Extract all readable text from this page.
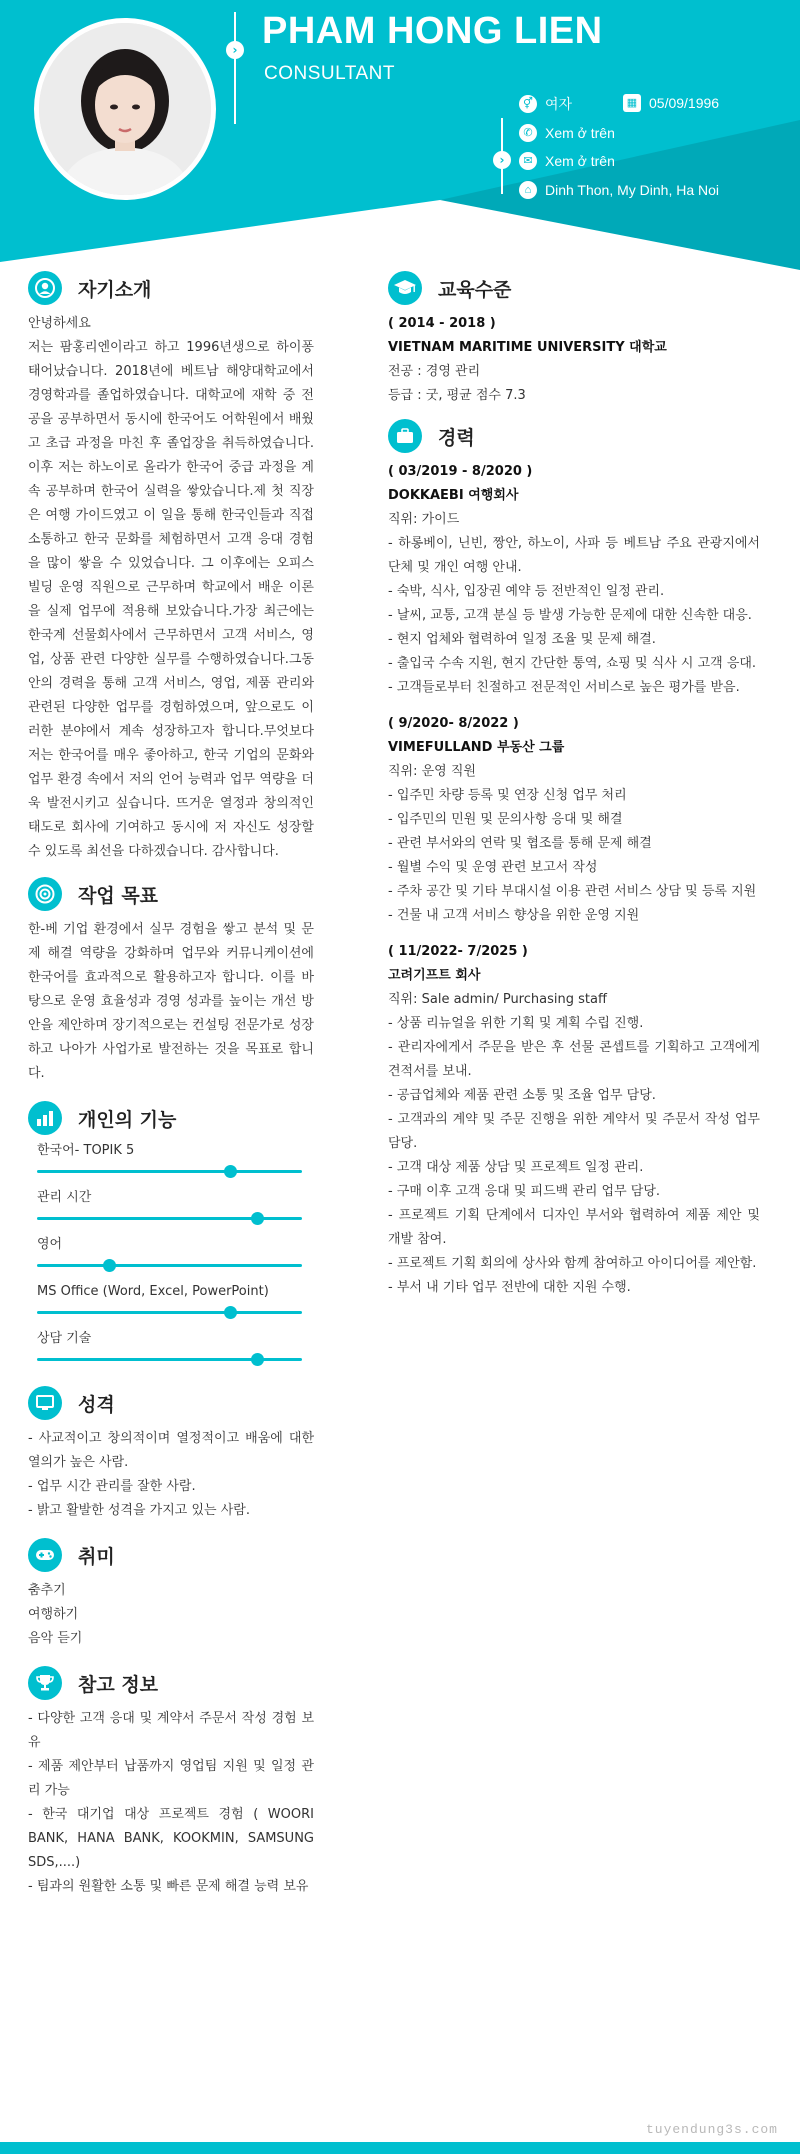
› PHAM HONG LIEN
CONSULTANT
›
⚥ 여자	▦ 05/09/1996
✆ Xem ở trên
✉ Xem ở trên
⌂ Dinh Thon, My Dinh, Ha Noi
자기소개
안녕하세요
저는 팜홍리엔이라고 하고 1996년생으로 하이퐁 태어났습니다. 2018년에 베트남 해양대학교에서 경영학과를 졸업하였습니다. 대학교에 재학 중 전공을 공부하면서 동시에 한국어도 어학원에서 배웠고 초급 과정을 마친 후 졸업장을 취득하였습니다. 이후 저는 하노이로 올라가 한국어 중급 과정을 계속 공부하며 한국어 실력을 쌓았습니다.제 첫 직장은 여행 가이드였고 이 일을 통해 한국인들과 직접 소통하고 한국 문화를 체험하면서 고객 응대 경험을 많이 쌓을 수 있었습니다. 그 이후에는 오피스 빌딩 운영 직원으로 근무하며 학교에서 배운 이론을 실제 업무에 적용해 보았습니다.가장 최근에는 한국계 선물회사에서 근무하면서 고객 서비스, 영업, 상품 관련 다양한 실무를 수행하였습니다.그동안의 경력을 통해 고객 서비스, 영업, 제품 관리와 관련된 다양한 업무를 경험하였으며, 앞으로도 이러한 분야에서 계속 성장하고자 합니다.무엇보다 저는 한국어를 매우 좋아하고, 한국 기업의 문화와 업무 환경 속에서 저의 언어 능력과 업무 역량을 더욱 발전시키고 싶습니다. 뜨거운 열정과 창의적인 태도로 회사에 기여하고 동시에 저 자신도 성장할 수 있도록 최선을 다하겠습니다. 감사합니다.
작업 목표
한-베 기업 환경에서 실무 경험을 쌓고 분석 및 문제 해결 역량을 강화하며 업무와 커뮤니케이션에 한국어를 효과적으로 활용하고자 합니다. 이를 바탕으로 운영 효율성과 경영 성과를 높이는 개선 방안을 제안하며 장기적으로는 컨설팅 전문가로 성장하고 나아가 사업가로 발전하는 것을 목표로 합니다.
개인의 기능
한국어- TOPIK 5
관리 시간
영어
MS Office (Word, Excel, PowerPoint)
상담 기술
성격
- 사교적이고 창의적이며 열정적이고 배움에 대한 열의가 높은 사람.
- 업무 시간 관리를 잘한 사람.
- 밝고 활발한 성격을 가지고 있는 사람.
취미
춤추기
여행하기
음악 듣기
참고 정보
- 다양한 고객 응대 및 계약서 주문서 작성 경험 보유
- 제품 제안부터 납품까지 영업팀 지원 및 일정 관리 가능
- 한국 대기업 대상 프로젝트 경험 ( WOORI BANK, HANA BANK, KOOKMIN, SAMSUNG SDS,....)
- 팀과의 원활한 소통 및 빠른 문제 해결 능력 보유
교육수준
( 2014 - 2018 )
VIETNAM MARITIME UNIVERSITY 대학교
전공 : 경영 관리
등급 : 굿, 평균 점수 7.3
경력
( 03/2019 - 8/2020 )
DOKKAEBI 여행회사
직위: 가이드
- 하롱베이, 닌빈, 짱안, 하노이, 사파 등 베트남 주요 관광지에서 단체 및 개인 여행 안내.
- 숙박, 식사, 입장권 예약 등 전반적인 일정 관리.
- 날씨, 교통, 고객 분실 등 발생 가능한 문제에 대한 신속한 대응.
- 현지 업체와 협력하여 일정 조율 및 문제 해결.
- 출입국 수속 지원, 현지 간단한 통역, 쇼핑 및 식사 시 고객 응대.
- 고객들로부터 친절하고 전문적인 서비스로 높은 평가를 받음.
( 9/2020- 8/2022 )
VIMEFULLAND 부동산 그룹
직위: 운영 직원
- 입주민 차량 등록 및 연장 신청 업무 처리
- 입주민의 민원 및 문의사항 응대 및 해결
- 관련 부서와의 연락 및 협조를 통해 문제 해결
- 월별 수익 및 운영 관련 보고서 작성
- 주차 공간 및 기타 부대시설 이용 관련 서비스 상담 및 등록 지원
- 건물 내 고객 서비스 향상을 위한 운영 지원
( 11/2022- 7/2025 )
고려기프트 회사
직위: Sale admin/ Purchasing staff
- 상품 리뉴얼을 위한 기획 및 계획 수립 진행.
- 관리자에게서 주문을 받은 후 선물 콘셉트를 기획하고 고객에게 견적서를 보내.
- 공급업체와 제품 관련 소통 및 조율 업무 담당.
- 고객과의 계약 및 주문 진행을 위한 계약서 및 주문서 작성 업무 담당.
- 고객 대상 제품 상담 및 프로젝트 일정 관리.
- 구매 이후 고객 응대 및 피드백 관리 업무 담당.
- 프로젝트 기획 단계에서 디자인 부서와 협력하여 제품 제안 및 개발 참여.
- 프로젝트 기획 회의에 상사와 함께 참여하고 아이디어를 제안함.
- 부서 내 기타 업무 전반에 대한 지원 수행.
tuyendung3s.com
